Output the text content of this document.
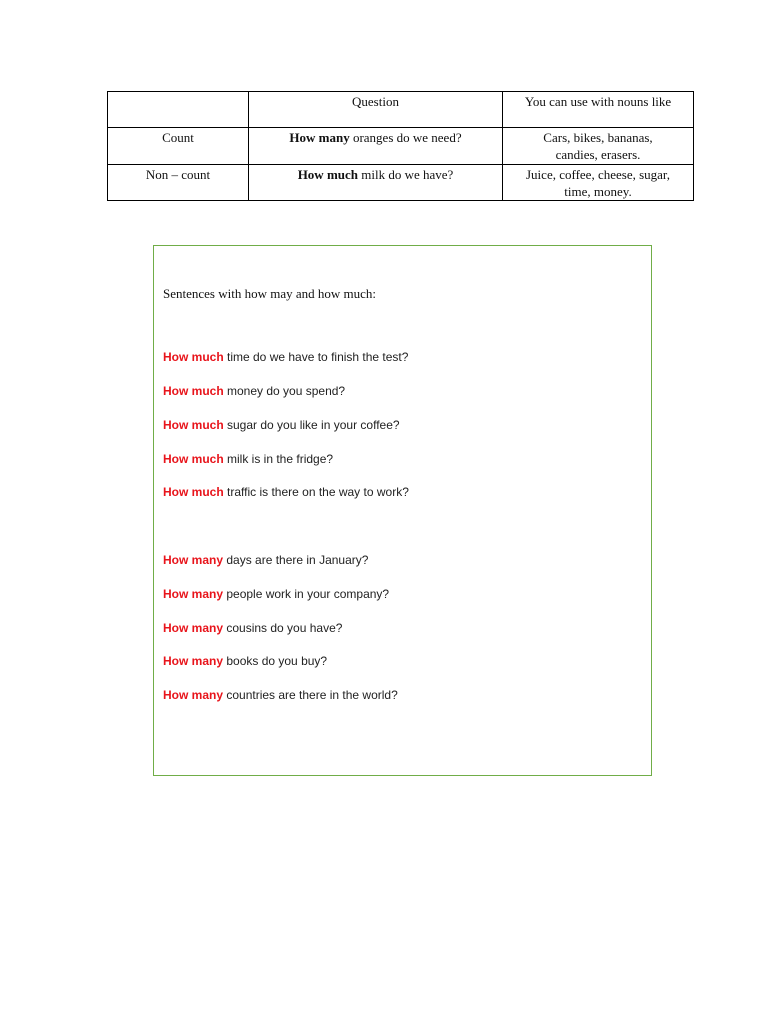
	Question	You can use with nouns like
Count	How many oranges do we need?	Cars, bikes, bananas,
candies, erasers.
Non – count	How much milk do we have?	Juice, coffee, cheese, sugar,
time, money.
Sentences with how may and how much:
How much time do we have to finish the test?
How much money do you spend?
How much sugar do you like in your coffee?
How much milk is in the fridge?
How much traffic is there on the way to work?
How many days are there in January?
How many people work in your company?
How many cousins do you have?
How many books do you buy?
How many countries are there in the world?
